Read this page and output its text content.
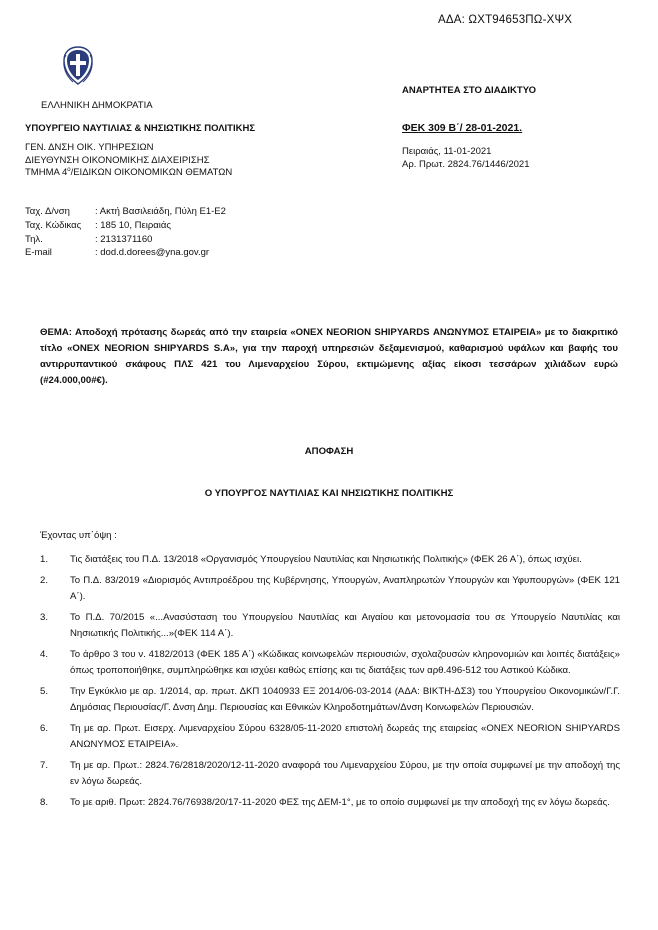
ΑΔΑ: ΩΧΤ94653ΠΩ-ΧΨΧ
ΕΛΛΗΝΙΚΗ ΔΗΜΟΚΡΑΤΙΑ
ΥΠΟΥΡΓΕΙΟ ΝΑΥΤΙΛΙΑΣ & ΝΗΣΙΩΤΙΚΗΣ ΠΟΛΙΤΙΚΗΣ
ΓΕΝ. ΔΝΣΗ ΟΙΚ. ΥΠΗΡΕΣΙΩΝ
ΔΙΕΥΘΥΝΣΗ ΟΙΚΟΝΟΜΙΚΗΣ ΔΙΑΧΕΙΡΙΣΗΣ
ΤΜΗΜΑ $4^o$/ΕΙΔΙΚΩΝ ΟΙΚΟΝΟΜΙΚΩΝ ΘΕΜΑΤΩΝ
Ταχ. Δ/νση	: Ακτή Βασιλειάδη, Πύλη Ε1-Ε2
Ταχ. Κώδικας	: 185 10, Πειραιάς
Τηλ.	: 2131371160
E-mail	: dod.d.dorees@yna.gov.gr
ΑΝΑΡΤΗΤΕΑ ΣΤΟ ΔΙΑΔΙΚΤΥΟ
ΦΕΚ 309 Β΄/ 28-01-2021.
Πειραιάς, 11-01-2021
Αρ. Πρωτ. 2824.76/1446/2021
ΘΕΜΑ: Αποδοχή πρότασης δωρεάς από την εταιρεία «ONEX NEORION SHIPYARDS ΑΝΩΝΥΜΟΣ ΕΤΑΙΡΕΙΑ» με το διακριτικό τίτλο «ONEX NEORION SHIPYARDS S.A», για την παροχή υπηρεσιών δεξαμενισμού, καθαρισμού υφάλων και βαφής του αντιρρυπαντικού σκάφους ΠΛΣ 421 του Λιμεναρχείου Σύρου, εκτιμώμενης αξίας είκοσι τεσσάρων χιλιάδων ευρώ (#24.000,00#€).
ΑΠΟΦΑΣΗ
Ο ΥΠΟΥΡΓΟΣ ΝΑΥΤΙΛΙΑΣ ΚΑΙ ΝΗΣΙΩΤΙΚΗΣ ΠΟΛΙΤΙΚΗΣ
Έχοντας υπ΄όψη :
1. Τις διατάξεις του Π.Δ. 13/2018 «Οργανισμός Υπουργείου Ναυτιλίας και Νησιωτικής Πολιτικής» (ΦΕΚ 26 Α΄), όπως ισχύει.
2. Το Π.Δ. 83/2019 «Διορισμός Αντιπροέδρου της Κυβέρνησης, Υπουργών, Αναπληρωτών Υπουργών και Υφυπουργών» (ΦΕΚ 121 Α΄).
3. Το Π.Δ. 70/2015 «...Ανασύσταση του Υπουργείου Ναυτιλίας και Αιγαίου και μετονομασία του σε Υπουργείο Ναυτιλίας και Νησιωτικής Πολιτικής...»(ΦΕΚ 114 Α΄).
4. Το άρθρο 3 του ν. 4182/2013 (ΦΕΚ 185 Α΄) «Κώδικας κοινωφελών περιουσιών, σχολαζουσών κληρονομιών και λοιπές διατάξεις» όπως τροποποιήθηκε, συμπληρώθηκε και ισχύει καθώς επίσης και τις διατάξεις των αρθ.496-512 του Αστικού Κώδικα.
5. Την Εγκύκλιο με αρ. 1/2014, αρ. πρωτ. ΔΚΠ 1040933 ΕΞ 2014/06-03-2014 (ΑΔΑ: ΒΙΚΤΗ-ΔΣ3) του Υπουργείου Οικονομικών/Γ.Γ. Δημόσιας Περιουσίας/Γ. Δνση Δημ. Περιουσίας και Εθνικών Κληροδοτημάτων/Δνση Κοινωφελών Περιουσιών.
6. Τη με αρ. Πρωτ. Εισερχ. Λιμεναρχείου Σύρου 6328/05-11-2020 επιστολή δωρεάς της εταιρείας «ONEX NEORION SHIPYARDS ΑΝΩΝΥΜΟΣ ΕΤΑΙΡΕΙΑ».
7. Τη με αρ. Πρωτ.: 2824.76/2818/2020/12-11-2020 αναφορά του Λιμεναρχείου Σύρου, με την οποία συμφωνεί με την αποδοχή της εν λόγω δωρεάς.
8. Το με αριθ. Πρωτ: 2824.76/76938/20/17-11-2020 ΦΕΣ της ΔΕΜ-1°, με το οποίο συμφωνεί με την αποδοχή της εν λόγω δωρεάς.
